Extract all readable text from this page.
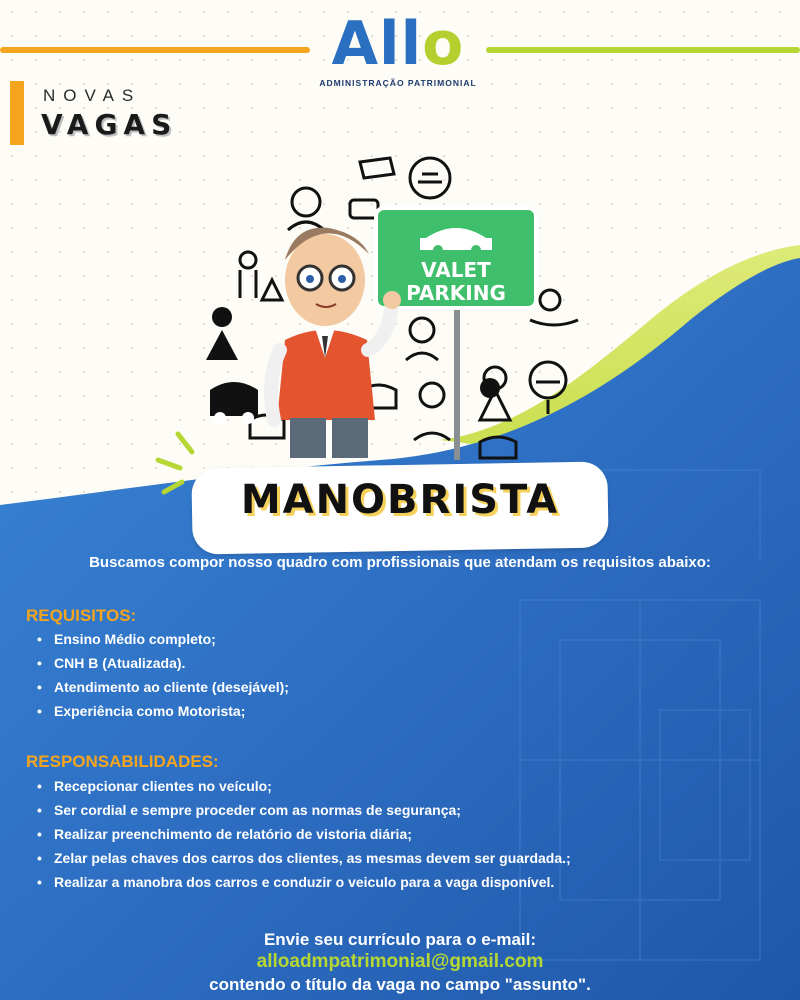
Allo
ADMINISTRAÇÃO PATRIMONIAL
NOVAS
VAGAS
VALET
PARKING
MANOBRISTA
Buscamos compor nosso quadro com profissionais que atendam os requisitos abaixo:
REQUISITOS:
• Ensino Médio completo;
• CNH B (Atualizada).
• Atendimento ao cliente (desejável);
• Experiência como Motorista;
RESPONSABILIDADES:
• Recepcionar clientes no veículo;
• Ser cordial e sempre proceder com as normas de segurança;
• Realizar preenchimento de relatório de vistoria diária;
• Zelar pelas chaves dos carros dos clientes, as mesmas devem ser guardada.;
• Realizar a manobra dos carros e conduzir o veiculo para a vaga disponível.
Envie seu currículo para o e-mail:
alloadmpatrimonial@gmail.com
contendo o título da vaga no campo "assunto".
